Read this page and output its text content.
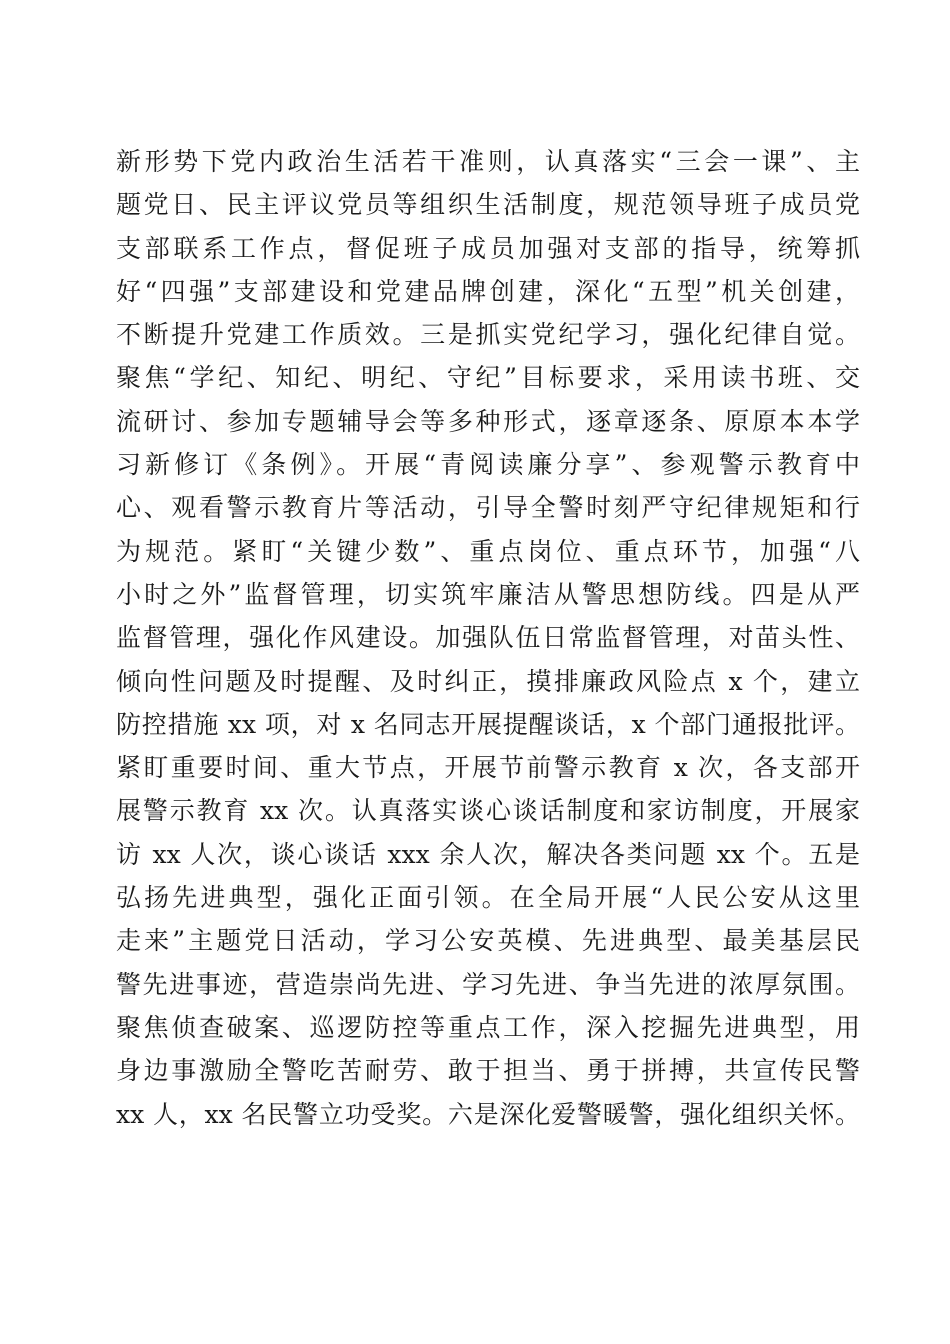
新形势下党内政治生活若干准则，认真落实“三会一课”、主
题党日、民主评议党员等组织生活制度，规范领导班子成员党
支部联系工作点，督促班子成员加强对支部的指导，统筹抓
好“四强”支部建设和党建品牌创建，深化“五型”机关创建，
不断提升党建工作质效。三是抓实党纪学习，强化纪律自觉。
聚焦“学纪、知纪、明纪、守纪”目标要求，采用读书班、交
流研讨、参加专题辅导会等多种形式，逐章逐条、原原本本学
习新修订《条例》。开展“青阅读廉分享”、参观警示教育中
心、观看警示教育片等活动，引导全警时刻严守纪律规矩和行
为规范。紧盯“关键少数”、重点岗位、重点环节，加强“八
小时之外”监督管理，切实筑牢廉洁从警思想防线。四是从严
监督管理，强化作风建设。加强队伍日常监督管理，对苗头性、
倾向性问题及时提醒、及时纠正，摸排廉政风险点 x 个，建立
防控措施 xx 项，对 x 名同志开展提醒谈话，x 个部门通报批评。
紧盯重要时间、重大节点，开展节前警示教育 x 次，各支部开
展警示教育 xx 次。认真落实谈心谈话制度和家访制度，开展家
访 xx 人次，谈心谈话 xxx 余人次，解决各类问题 xx 个。五是
弘扬先进典型，强化正面引领。在全局开展“人民公安从这里
走来”主题党日活动，学习公安英模、先进典型、最美基层民
警先进事迹，营造崇尚先进、学习先进、争当先进的浓厚氛围。
聚焦侦查破案、巡逻防控等重点工作，深入挖掘先进典型，用
身边事激励全警吃苦耐劳、敢于担当、勇于拼搏，共宣传民警
xx 人，xx 名民警立功受奖。六是深化爱警暖警，强化组织关怀。
